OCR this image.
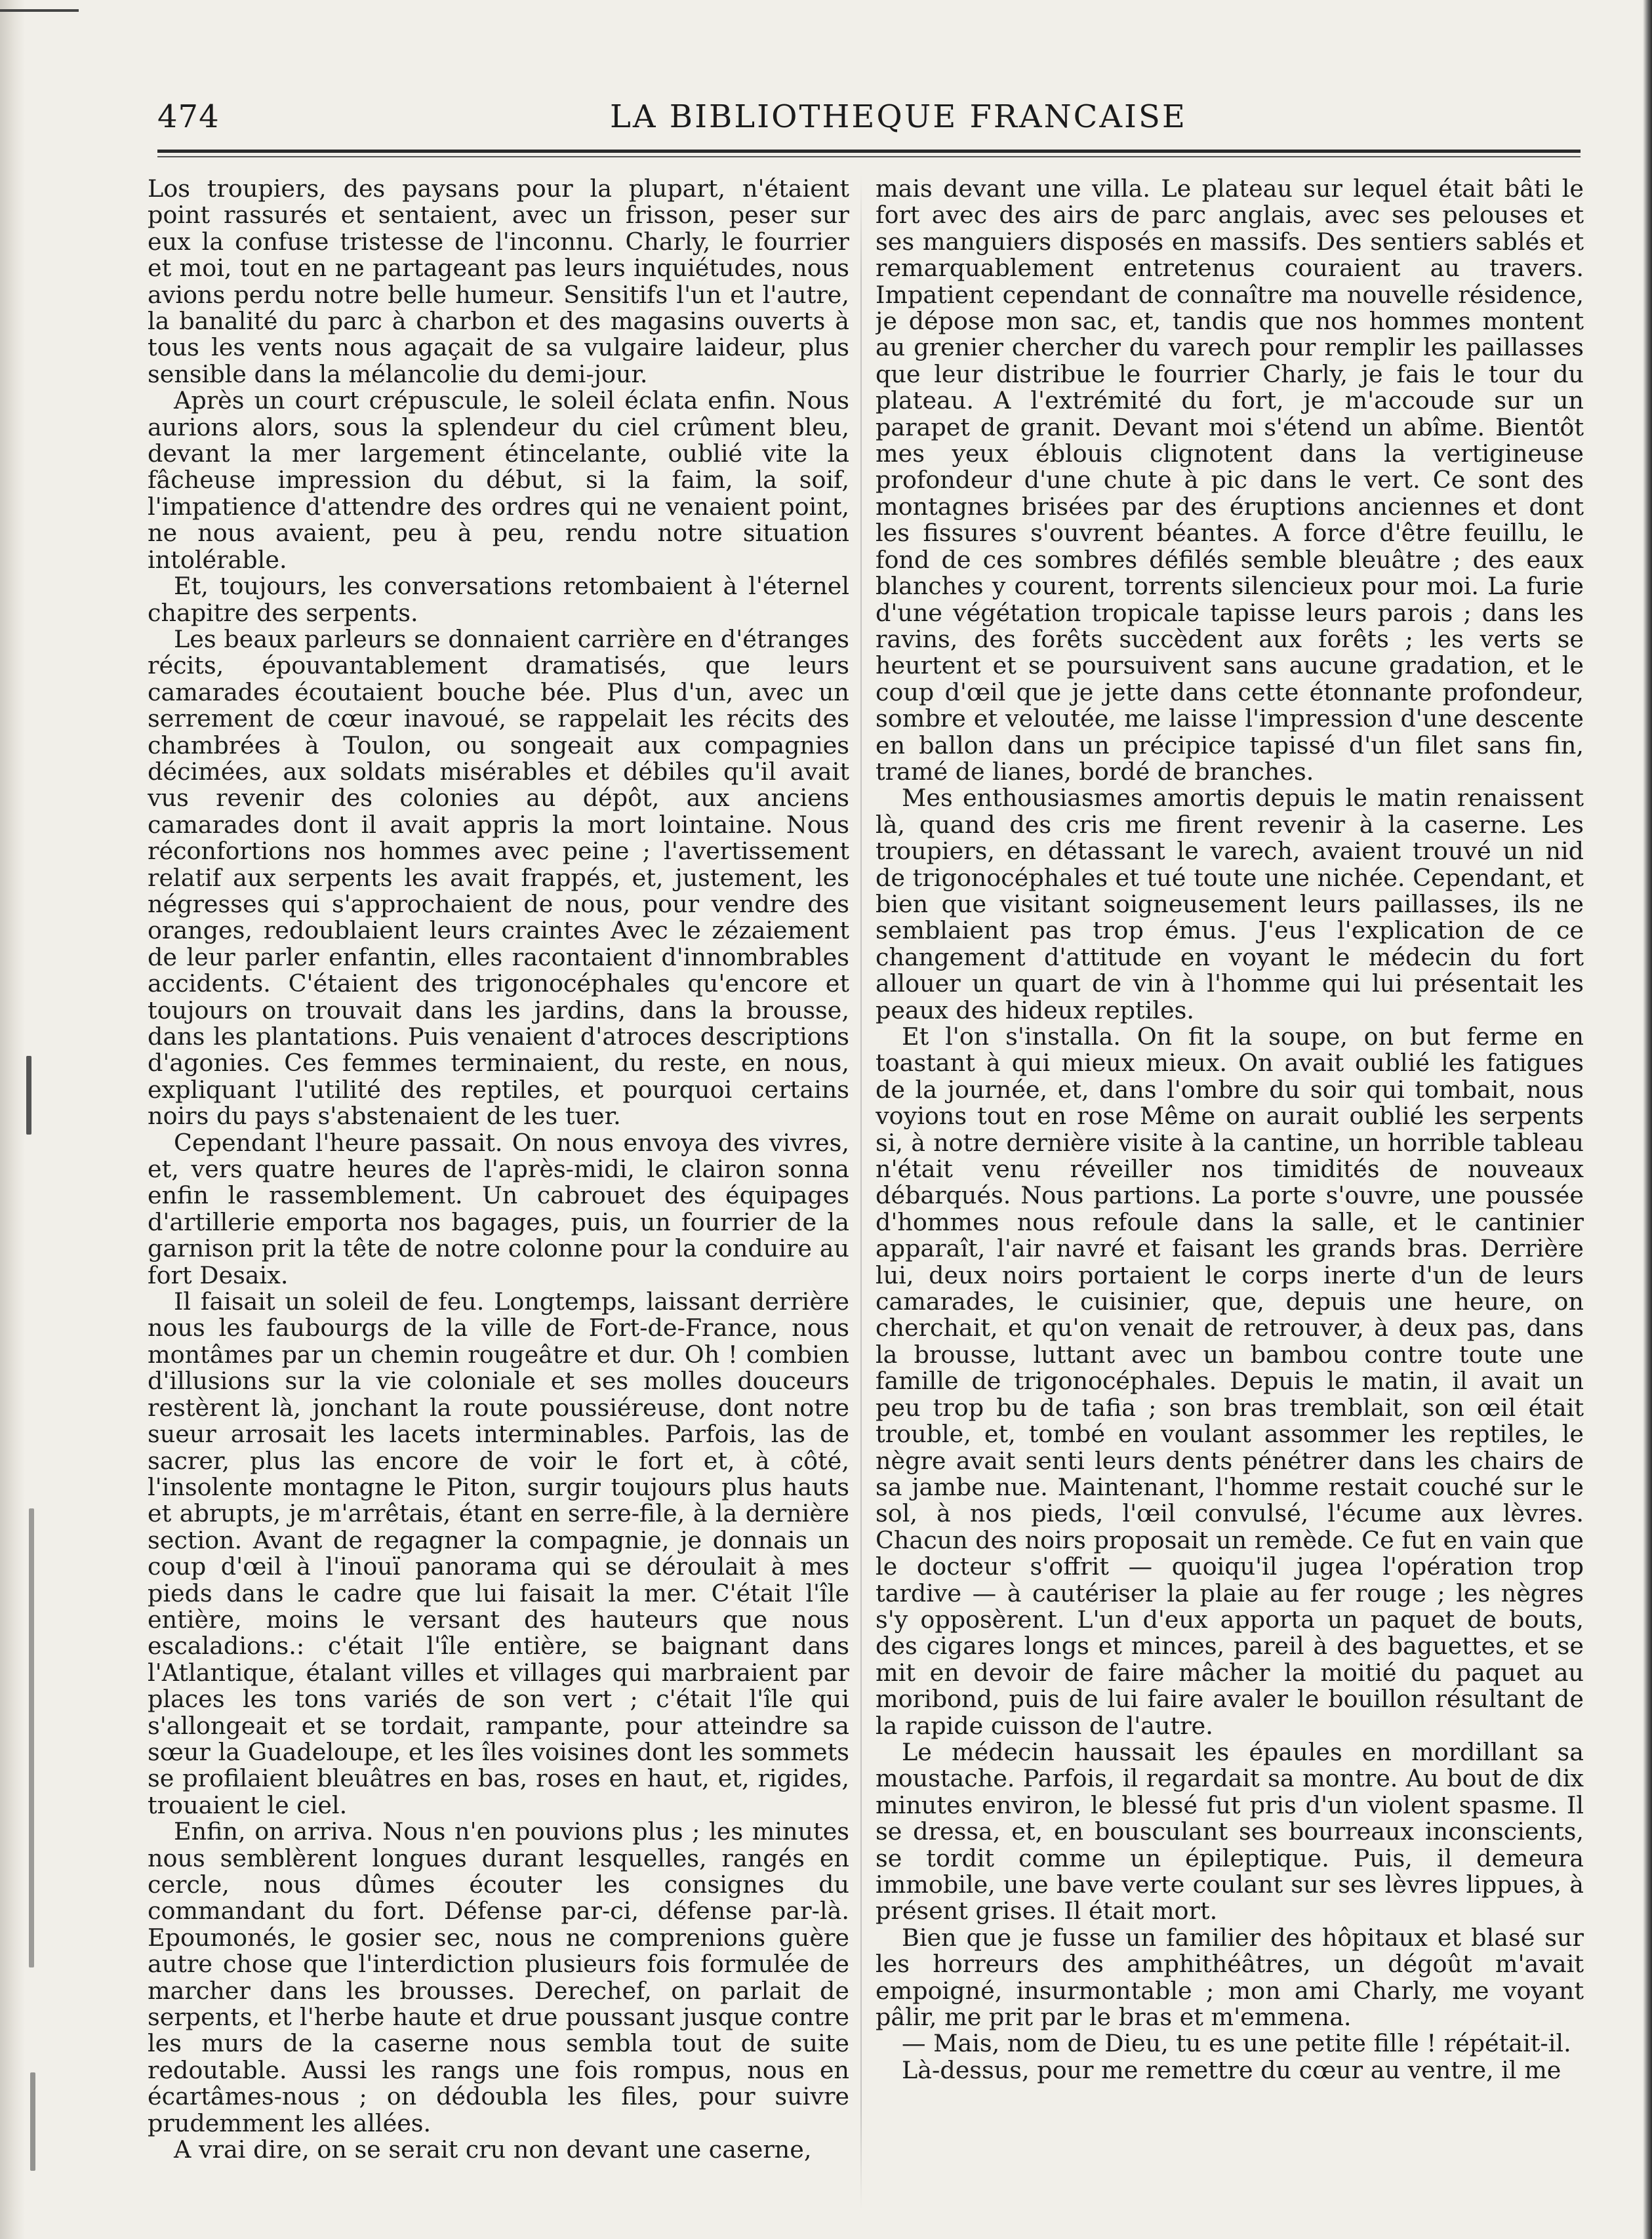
474	LA BIBLIOTHEQUE FRANCAISE

Los troupiers, des paysans pour la plupart, n'étaient point rassurés et sentaient, avec un frisson, peser sur eux la confuse tristesse de l'inconnu. Charly, le fourrier et moi, tout en ne partageant pas leurs inquiétudes, nous avions perdu notre belle humeur. Sensitifs l'un et l'autre, la banalité du parc à charbon et des magasins ouverts à tous les vents nous agaçait de sa vulgaire laideur, plus sensible dans la mélancolie du demi-jour.

Après un court crépuscule, le soleil éclata enfin. Nous aurions alors, sous la splendeur du ciel crûment bleu, devant la mer largement étincelante, oublié vite la fâcheuse impression du début, si la faim, la soif, l'impatience d'attendre des ordres qui ne venaient point, ne nous avaient, peu à peu, rendu notre situation intolérable.

Et, toujours, les conversations retombaient à l'éternel chapitre des serpents.

Les beaux parleurs se donnaient carrière en d'étranges récits, épouvantablement dramatisés, que leurs camarades écoutaient bouche bée. Plus d'un, avec un serrement de cœur inavoué, se rappelait les récits des chambrées à Toulon, ou songeait aux compagnies décimées, aux soldats misérables et débiles qu'il avait vus revenir des colonies au dépôt, aux anciens camarades dont il avait appris la mort lointaine. Nous réconfortions nos hommes avec peine ; l'avertissement relatif aux serpents les avait frappés, et, justement, les négresses qui s'approchaient de nous, pour vendre des oranges, redoublaient leurs craintes Avec le zézaiement de leur parler enfantin, elles racontaient d'innombrables accidents. C'étaient des trigonocéphales qu'encore et toujours on trouvait dans les jardins, dans la brousse, dans les plantations. Puis venaient d'atroces descriptions d'agonies. Ces femmes terminaient, du reste, en nous, expliquant l'utilité des reptiles, et pourquoi certains noirs du pays s'abstenaient de les tuer.

Cependant l'heure passait. On nous envoya des vivres, et, vers quatre heures de l'après-midi, le clairon sonna enfin le rassemblement. Un cabrouet des équipages d'artillerie emporta nos bagages, puis, un fourrier de la garnison prit la tête de notre colonne pour la conduire au fort Desaix.

Il faisait un soleil de feu. Longtemps, laissant derrière nous les faubourgs de la ville de Fort-de-France, nous montâmes par un chemin rougeâtre et dur. Oh ! combien d'illusions sur la vie coloniale et ses molles douceurs restèrent là, jonchant la route poussiéreuse, dont notre sueur arrosait les lacets interminables. Parfois, las de sacrer, plus las encore de voir le fort et, à côté, l'insolente montagne le Piton, surgir toujours plus hauts et abrupts, je m'arrêtais, étant en serre-file, à la dernière section. Avant de regagner la compagnie, je donnais un coup d'œil à l'inouï panorama qui se déroulait à mes pieds dans le cadre que lui faisait la mer. C'était l'île entière, moins le versant des hauteurs que nous escaladions.: c'était l'île entière, se baignant dans l'Atlantique, étalant villes et villages qui marbraient par places les tons variés de son vert ; c'était l'île qui s'allongeait et se tordait, rampante, pour atteindre sa sœur la Guadeloupe, et les îles voisines dont les sommets se profilaient bleuâtres en bas, roses en haut, et, rigides, trouaient le ciel.

Enfin, on arriva. Nous n'en pouvions plus ; les minutes nous semblèrent longues durant lesquelles, rangés en cercle, nous dûmes écouter les consignes du commandant du fort. Défense par-ci, défense par-là. Epoumonés, le gosier sec, nous ne comprenions guère autre chose que l'interdiction plusieurs fois formulée de marcher dans les brousses. Derechef, on parlait de serpents, et l'herbe haute et drue poussant jusque contre les murs de la caserne nous sembla tout de suite redoutable. Aussi les rangs une fois rompus, nous en écartâmes-nous ; on dédoubla les files, pour suivre prudemment les allées.

A vrai dire, on se serait cru non devant une caserne,

mais devant une villa. Le plateau sur lequel était bâti le fort avec des airs de parc anglais, avec ses pelouses et ses manguiers disposés en massifs. Des sentiers sablés et remarquablement entretenus couraient au travers. Impatient cependant de connaître ma nouvelle résidence, je dépose mon sac, et, tandis que nos hommes montent au grenier chercher du varech pour remplir les paillasses que leur distribue le fourrier Charly, je fais le tour du plateau. A l'extrémité du fort, je m'accoude sur un parapet de granit. Devant moi s'étend un abîme. Bientôt mes yeux éblouis clignotent dans la vertigineuse profondeur d'une chute à pic dans le vert. Ce sont des montagnes brisées par des éruptions anciennes et dont les fissures s'ouvrent béantes. A force d'être feuillu, le fond de ces sombres défilés semble bleuâtre ; des eaux blanches y courent, torrents silencieux pour moi. La furie d'une végétation tropicale tapisse leurs parois ; dans les ravins, des forêts succèdent aux forêts ; les verts se heurtent et se poursuivent sans aucune gradation, et le coup d'œil que je jette dans cette étonnante profondeur, sombre et veloutée, me laisse l'impression d'une descente en ballon dans un précipice tapissé d'un filet sans fin, tramé de lianes, bordé de branches.

Mes enthousiasmes amortis depuis le matin renaissent là, quand des cris me firent revenir à la caserne. Les troupiers, en détassant le varech, avaient trouvé un nid de trigonocéphales et tué toute une nichée. Cependant, et bien que visitant soigneusement leurs paillasses, ils ne semblaient pas trop émus. J'eus l'explication de ce changement d'attitude en voyant le médecin du fort allouer un quart de vin à l'homme qui lui présentait les peaux des hideux reptiles.

Et l'on s'installa. On fit la soupe, on but ferme en toastant à qui mieux mieux. On avait oublié les fatigues de la journée, et, dans l'ombre du soir qui tombait, nous voyions tout en rose Même on aurait oublié les serpents si, à notre dernière visite à la cantine, un horrible tableau n'était venu réveiller nos timidités de nouveaux débarqués. Nous partions. La porte s'ouvre, une poussée d'hommes nous refoule dans la salle, et le cantinier apparaît, l'air navré et faisant les grands bras. Derrière lui, deux noirs portaient le corps inerte d'un de leurs camarades, le cuisinier, que, depuis une heure, on cherchait, et qu'on venait de retrouver, à deux pas, dans la brousse, luttant avec un bambou contre toute une famille de trigonocéphales. Depuis le matin, il avait un peu trop bu de tafia ; son bras tremblait, son œil était trouble, et, tombé en voulant assommer les reptiles, le nègre avait senti leurs dents pénétrer dans les chairs de sa jambe nue. Maintenant, l'homme restait couché sur le sol, à nos pieds, l'œil convulsé, l'écume aux lèvres. Chacun des noirs proposait un remède. Ce fut en vain que le docteur s'offrit — quoiqu'il jugea l'opération trop tardive — à cautériser la plaie au fer rouge ; les nègres s'y opposèrent. L'un d'eux apporta un paquet de bouts, des cigares longs et minces, pareil à des baguettes, et se mit en devoir de faire mâcher la moitié du paquet au moribond, puis de lui faire avaler le bouillon résultant de la rapide cuisson de l'autre.

Le médecin haussait les épaules en mordillant sa moustache. Parfois, il regardait sa montre. Au bout de dix minutes environ, le blessé fut pris d'un violent spasme. Il se dressa, et, en bousculant ses bourreaux inconscients, se tordit comme un épileptique. Puis, il demeura immobile, une bave verte coulant sur ses lèvres lippues, à présent grises. Il était mort.

Bien que je fusse un familier des hôpitaux et blasé sur les horreurs des amphithéâtres, un dégoût m'avait empoigné, insurmontable ; mon ami Charly, me voyant pâlir, me prit par le bras et m'emmena.

— Mais, nom de Dieu, tu es une petite fille ! répétait-il.

Là-dessus, pour me remettre du cœur au ventre, il me
